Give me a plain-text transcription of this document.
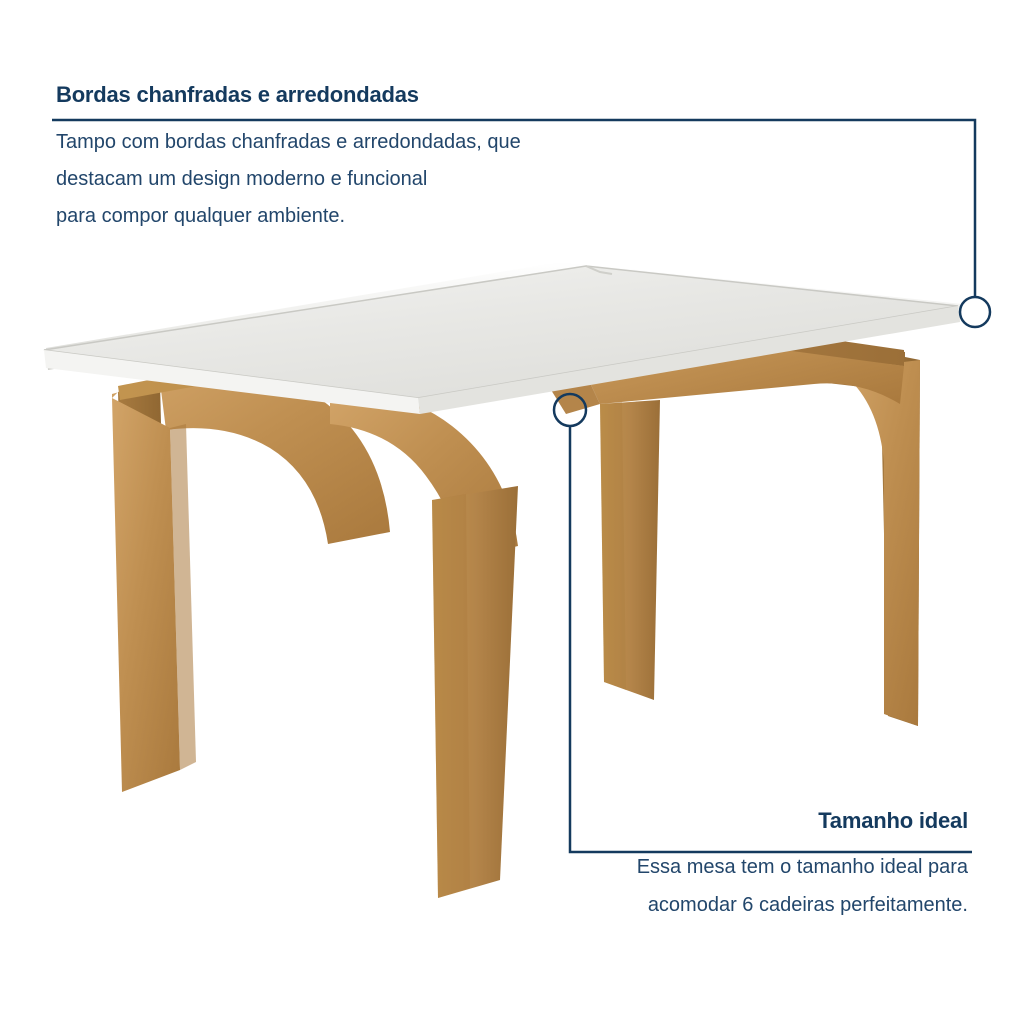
Bordas chanfradas e arredondadas
Tampo com bordas chanfradas e arredondadas, que
destacam um design moderno e funcional
para compor qualquer ambiente.
Tamanho ideal
Essa mesa tem o tamanho ideal para
acomodar 6 cadeiras perfeitamente.
